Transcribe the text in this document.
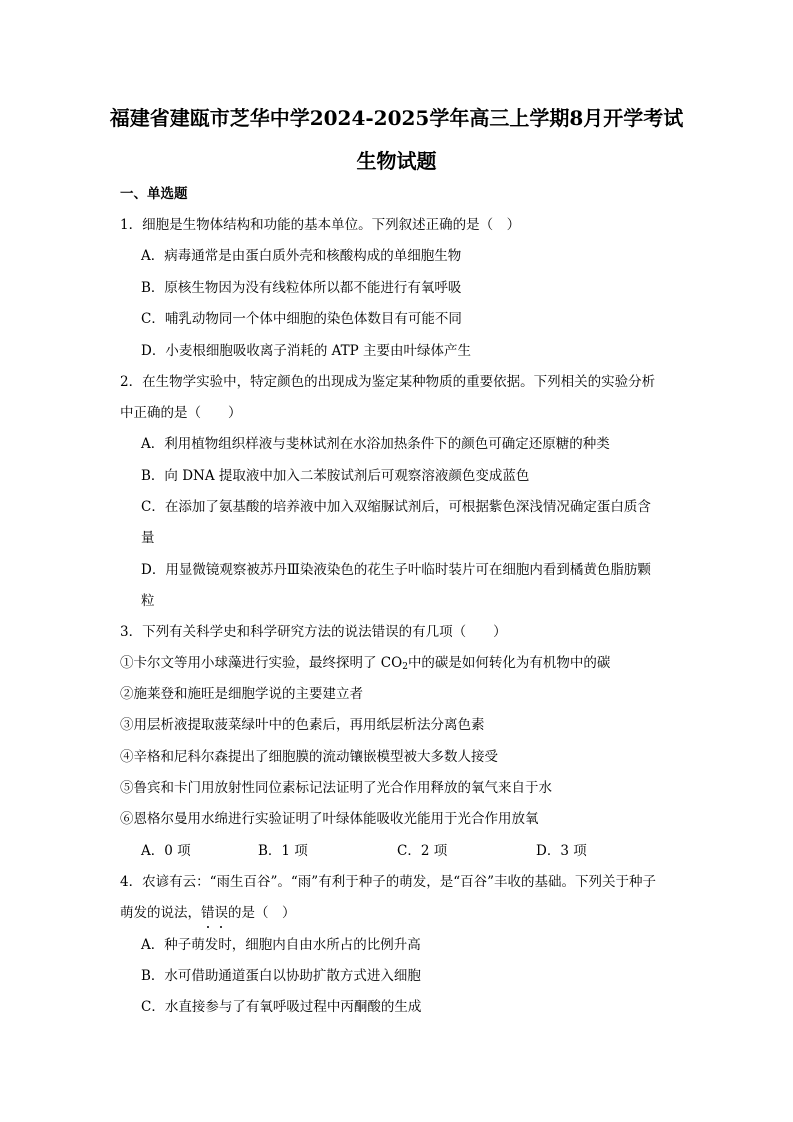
福建省建瓯市芝华中学2024-2025学年高三上学期8月开学考试
生物试题
一、单选题
1．细胞是生物体结构和功能的基本单位。下列叙述正确的是（　）
A．病毒通常是由蛋白质外壳和核酸构成的单细胞生物
B．原核生物因为没有线粒体所以都不能进行有氧呼吸
C．哺乳动物同一个体中细胞的染色体数目有可能不同
D．小麦根细胞吸收离子消耗的 ATP 主要由叶绿体产生
2．在生物学实验中，特定颜色的出现成为鉴定某种物质的重要依据。下列相关的实验分析
中正确的是（　　）
A．利用植物组织样液与斐林试剂在水浴加热条件下的颜色可确定还原糖的种类
B．向 DNA 提取液中加入二苯胺试剂后可观察溶液颜色变成蓝色
C．在添加了氨基酸的培养液中加入双缩脲试剂后，可根据紫色深浅情况确定蛋白质含
量
D．用显微镜观察被苏丹Ⅲ染液染色的花生子叶临时装片可在细胞内看到橘黄色脂肪颗
粒
3．下列有关科学史和科学研究方法的说法错误的有几项（　　）
①卡尔文等用小球藻进行实验，最终探明了 $CO_2$中的碳是如何转化为有机物中的碳
②施莱登和施旺是细胞学说的主要建立者
③用层析液提取菠菜绿叶中的色素后，再用纸层析法分离色素
④辛格和尼科尔森提出了细胞膜的流动镶嵌模型被大多数人接受
⑤鲁宾和卡门用放射性同位素标记法证明了光合作用释放的氧气来自于水
⑥恩格尔曼用水绵进行实验证明了叶绿体能吸收光能用于光合作用放氧
A．0 项	B．1 项	C．2 项	D．3 项
4．农谚有云：“雨生百谷”。“雨”有利于种子的萌发，是“百谷”丰收的基础。下列关于种子
萌发的说法，错误的是（　）
A．种子萌发时，细胞内自由水所占的比例升高
B．水可借助通道蛋白以协助扩散方式进入细胞
C．水直接参与了有氧呼吸过程中丙酮酸的生成
